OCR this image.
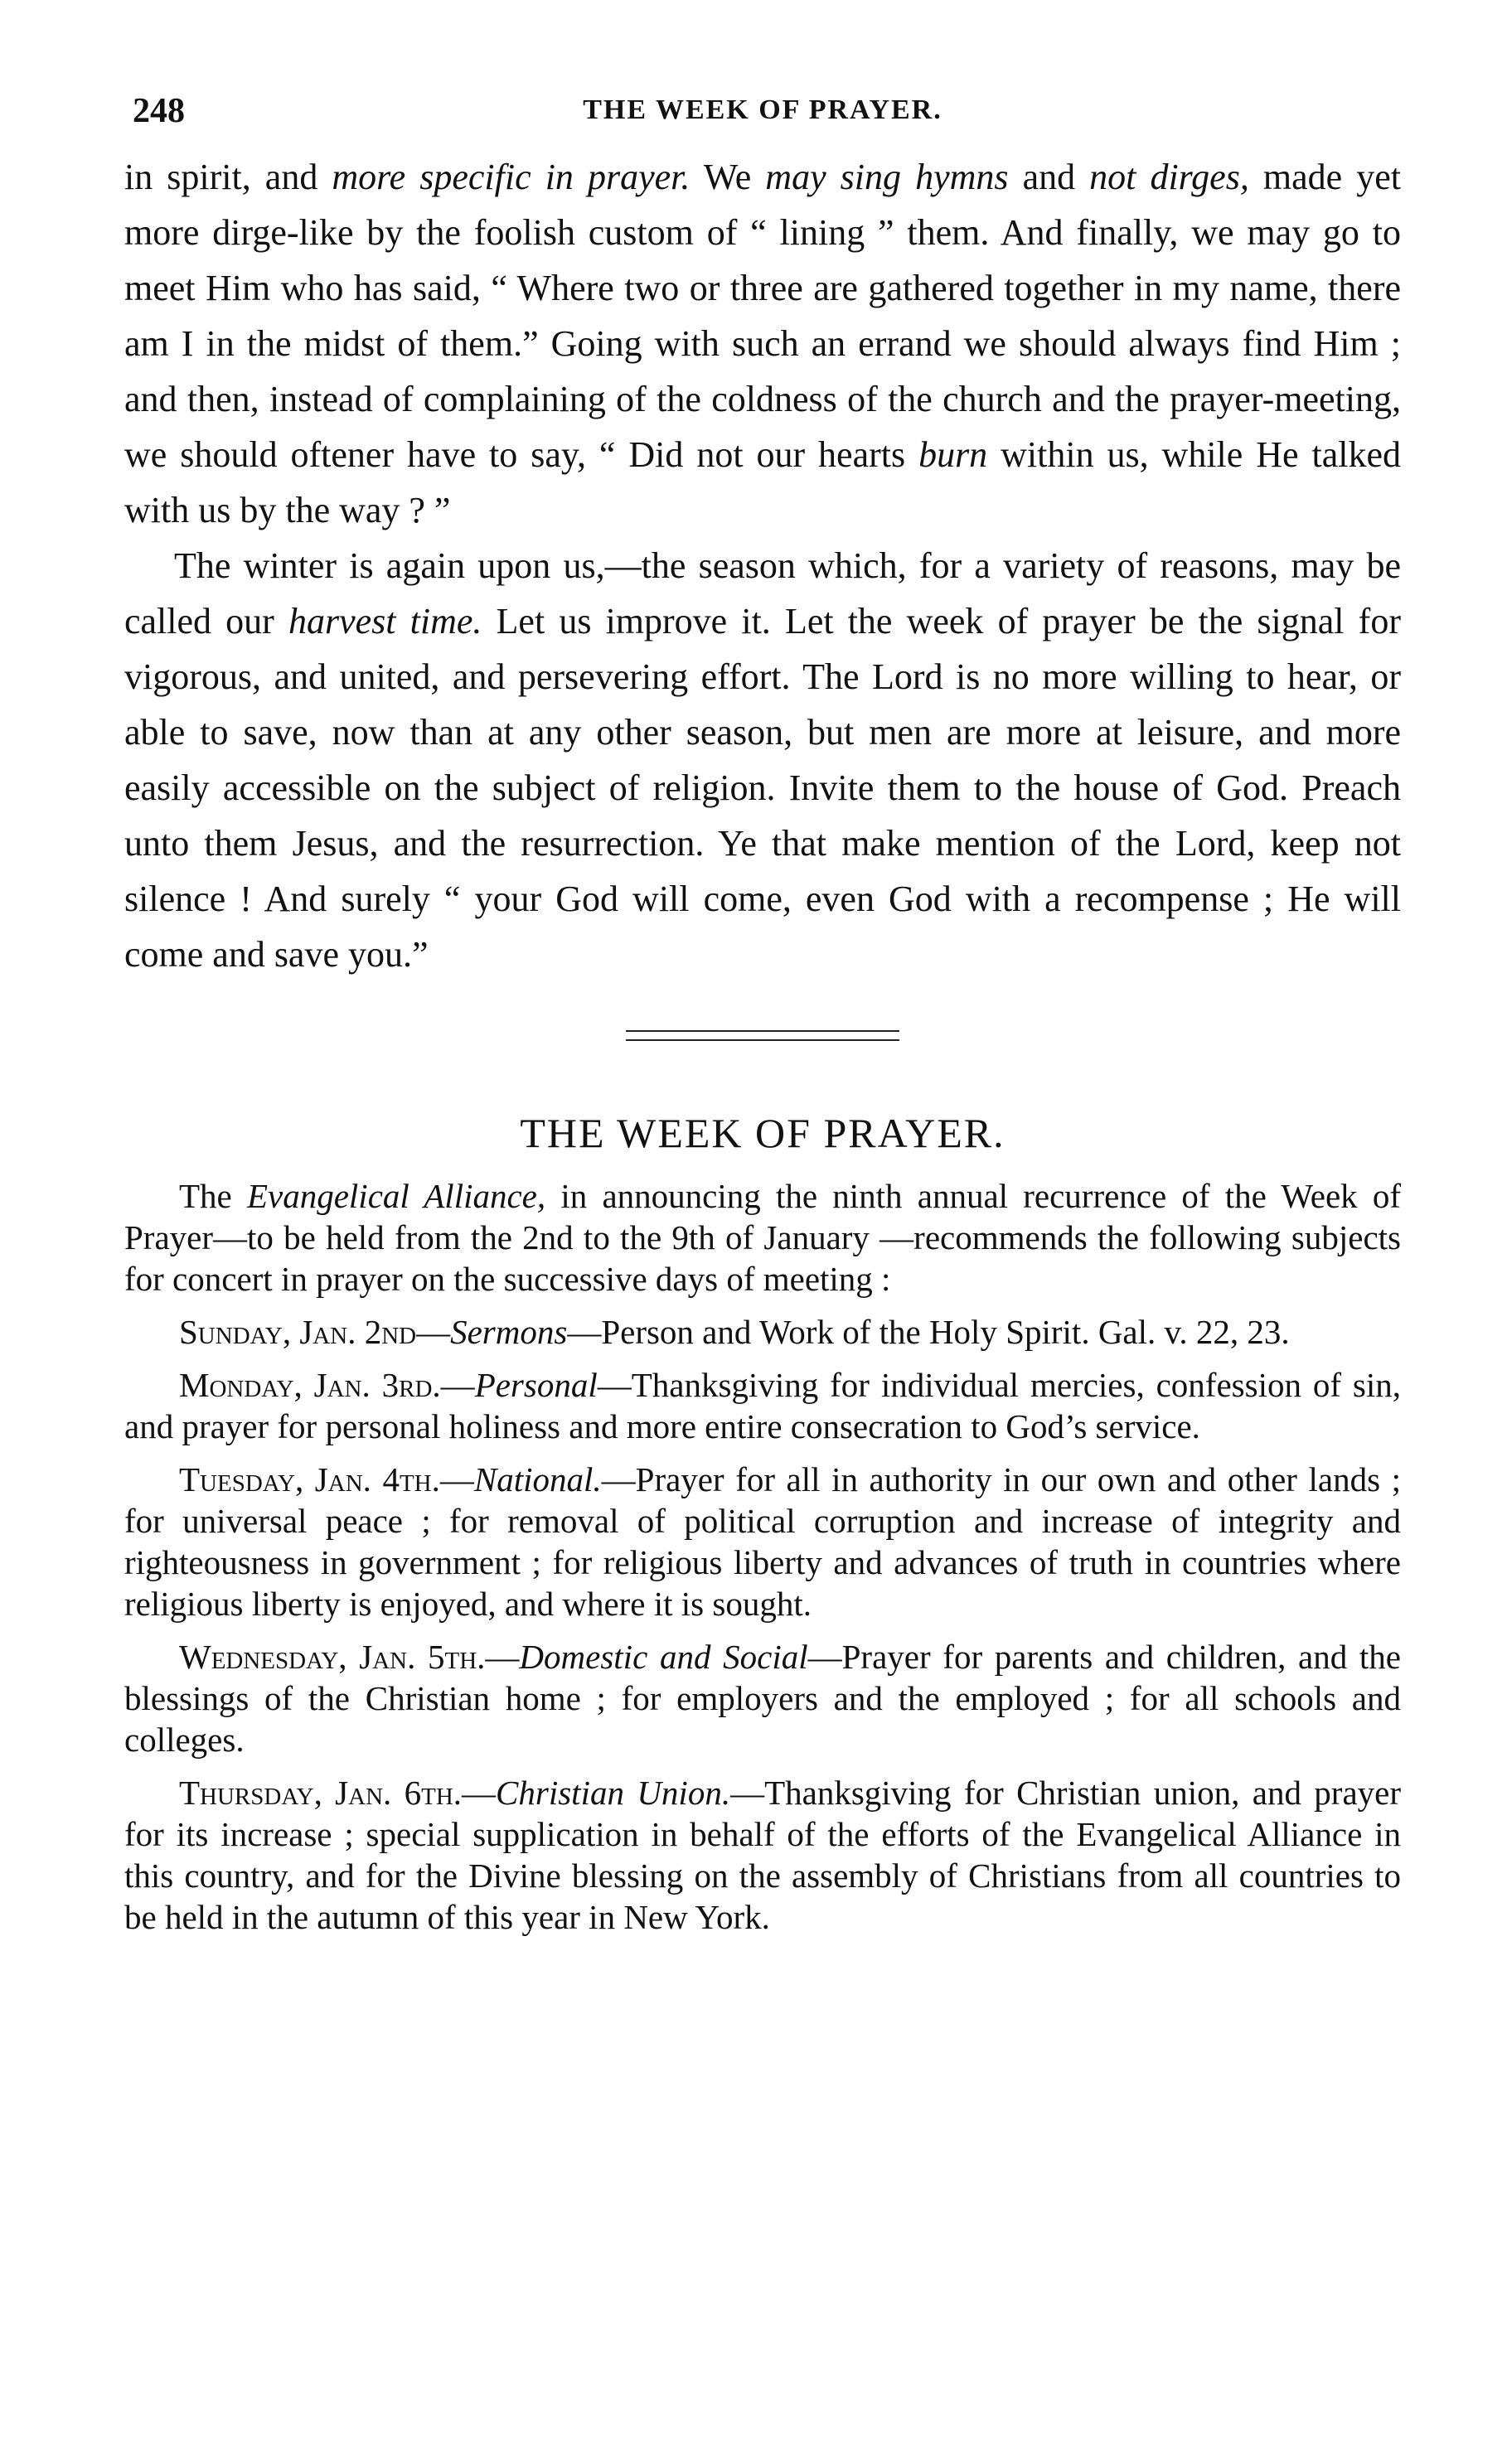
248	THE WEEK OF PRAYER.

in spirit, and more specific in prayer. We may sing hymns and not dirges, made yet more dirge-like by the foolish custom of “ lining ” them. And finally, we may go to meet Him who has said, “ Where two or three are gathered together in my name, there am I in the midst of them.” Going with such an errand we should always find Him ; and then, instead of complaining of the coldness of the church and the prayer-meeting, we should oftener have to say, “ Did not our hearts burn within us, while He talked with us by the way ? ”

The winter is again upon us,—the season which, for a variety of reasons, may be called our harvest time. Let us improve it. Let the week of prayer be the signal for vigorous, and united, and persevering effort. The Lord is no more willing to hear, or able to save, now than at any other season, but men are more at leisure, and more easily accessible on the subject of religion. Invite them to the house of God. Preach unto them Jesus, and the resurrection. Ye that make mention of the Lord, keep not silence ! And surely “ your God will come, even God with a recompense ; He will come and save you.”

THE WEEK OF PRAYER.

The Evangelical Alliance, in announcing the ninth annual recurrence of the Week of Prayer—to be held from the 2nd to the 9th of January —recommends the following subjects for concert in prayer on the successive days of meeting :

Sunday, Jan. 2nd—Sermons—Person and Work of the Holy Spirit. Gal. v. 22, 23.

Monday, Jan. 3rd.—Personal—Thanksgiving for individual mercies, confession of sin, and prayer for personal holiness and more entire consecration to God’s service.

Tuesday, Jan. 4th.—National.—Prayer for all in authority in our own and other lands ; for universal peace ; for removal of political corruption and increase of integrity and righteousness in government ; for religious liberty and advances of truth in countries where religious liberty is enjoyed, and where it is sought.

Wednesday, Jan. 5th.—Domestic and Social—Prayer for parents and children, and the blessings of the Christian home ; for employers and the employed ; for all schools and colleges.

Thursday, Jan. 6th.—Christian Union.—Thanksgiving for Christian union, and prayer for its increase ; special supplication in behalf of the efforts of the Evangelical Alliance in this country, and for the Divine blessing on the assembly of Christians from all countries to be held in the autumn of this year in New York.
